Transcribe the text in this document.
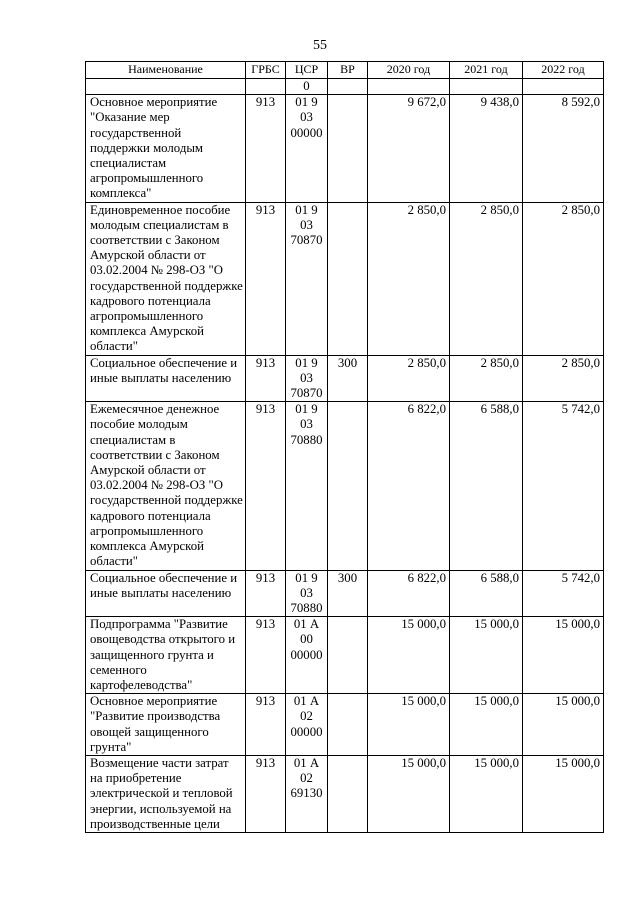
55
Наименование	ГРБС	ЦСР	ВР	2020 год	2021 год	2022 год
		0				
Основное мероприятие "Оказание мер государственной поддержки молодым специалистам агропромышленного комплекса"	913	01 9 03 00000		9 672,0	9 438,0	8 592,0
Единовременное пособие молодым специалистам в соответствии с Законом Амурской области от 03.02.2004 № 298-ОЗ "О государственной поддержке кадрового потенциала агропромышленного комплекса Амурской области"	913	01 9 03 70870		2 850,0	2 850,0	2 850,0
Социальное обеспечение и иные выплаты населению	913	01 9 03 70870	300	2 850,0	2 850,0	2 850,0
Ежемесячное денежное пособие молодым специалистам в соответствии с Законом Амурской области от 03.02.2004 № 298-ОЗ "О государственной поддержке кадрового потенциала агропромышленного комплекса Амурской области"	913	01 9 03 70880		6 822,0	6 588,0	5 742,0
Социальное обеспечение и иные выплаты населению	913	01 9 03 70880	300	6 822,0	6 588,0	5 742,0
Подпрограмма "Развитие овощеводства открытого и защищенного грунта и семенного картофелеводства"	913	01 А 00 00000		15 000,0	15 000,0	15 000,0
Основное мероприятие "Развитие производства овощей защищенного грунта"	913	01 А 02 00000		15 000,0	15 000,0	15 000,0
Возмещение части затрат на приобретение электрической и тепловой энергии, используемой на производственные цели	913	01 А 02 69130		15 000,0	15 000,0	15 000,0
